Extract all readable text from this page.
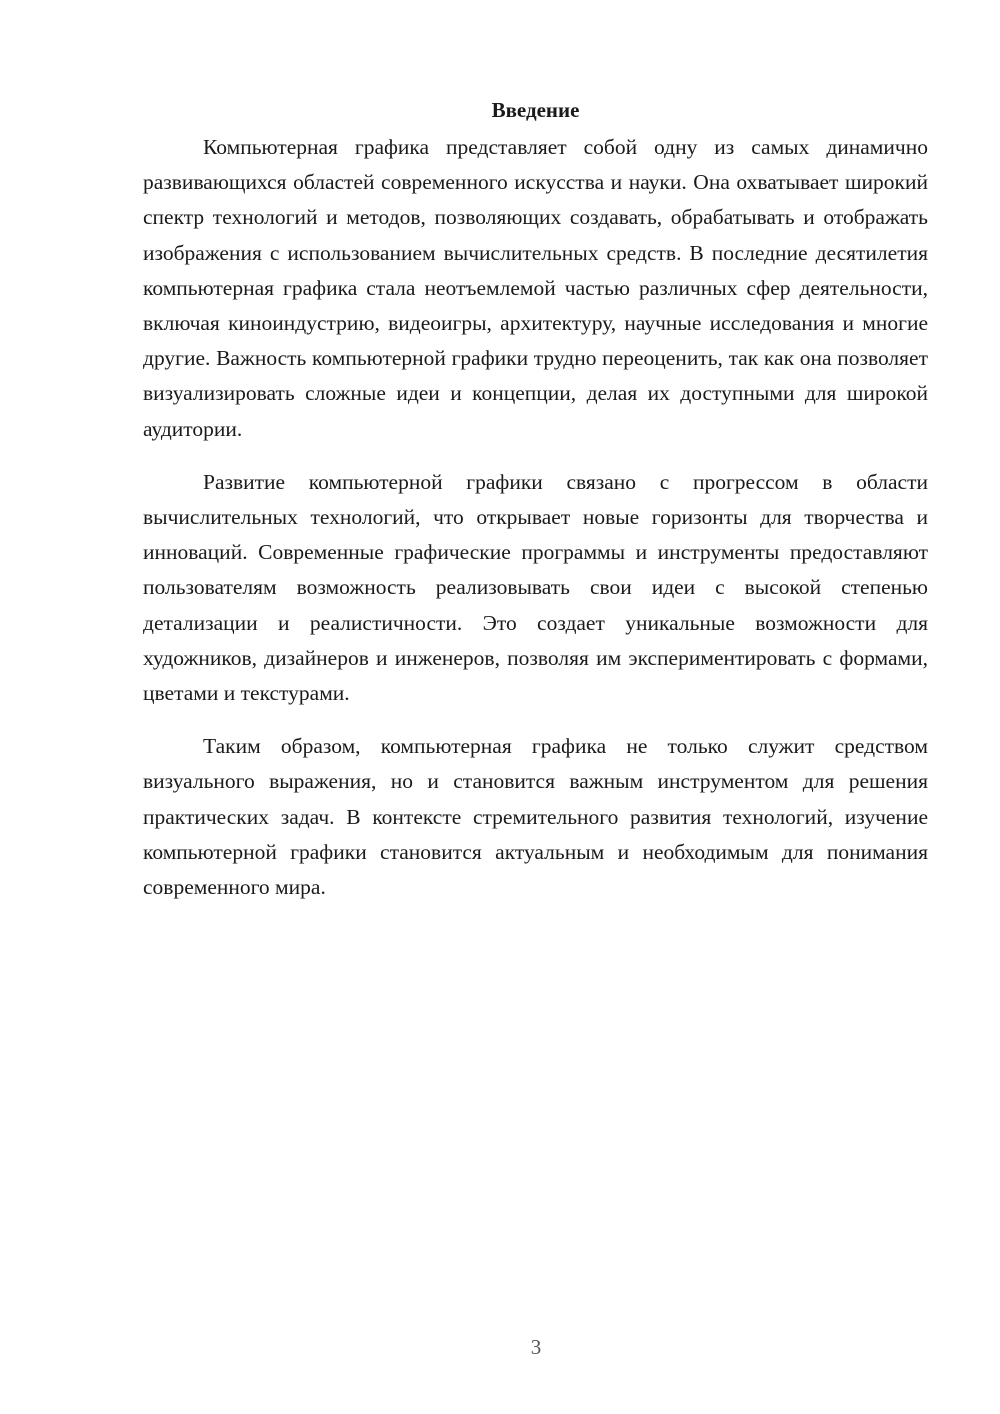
Введение

Компьютерная графика представляет собой одну из самых динамично развивающихся областей современного искусства и науки. Она охватывает широкий спектр технологий и методов, позволяющих создавать, обрабатывать и отображать изображения с использованием вычислительных средств. В последние десятилетия компьютерная графика стала неотъемлемой частью различных сфер деятельности, включая киноиндустрию, видеоигры, архитектуру, научные исследования и многие другие. Важность компьютерной графики трудно переоценить, так как она позволяет визуализировать сложные идеи и концепции, делая их доступными для широкой аудитории.

Развитие компьютерной графики связано с прогрессом в области вычислительных технологий, что открывает новые горизонты для творчества и инноваций. Современные графические программы и инструменты предоставляют пользователям возможность реализовывать свои идеи с высокой степенью детализации и реалистичности. Это создает уникальные возможности для художников, дизайнеров и инженеров, позволяя им экспериментировать с формами, цветами и текстурами.

Таким образом, компьютерная графика не только служит средством визуального выражения, но и становится важным инструментом для решения практических задач. В контексте стремительного развития технологий, изучение компьютерной графики становится актуальным и необходимым для понимания современного мира.

3
